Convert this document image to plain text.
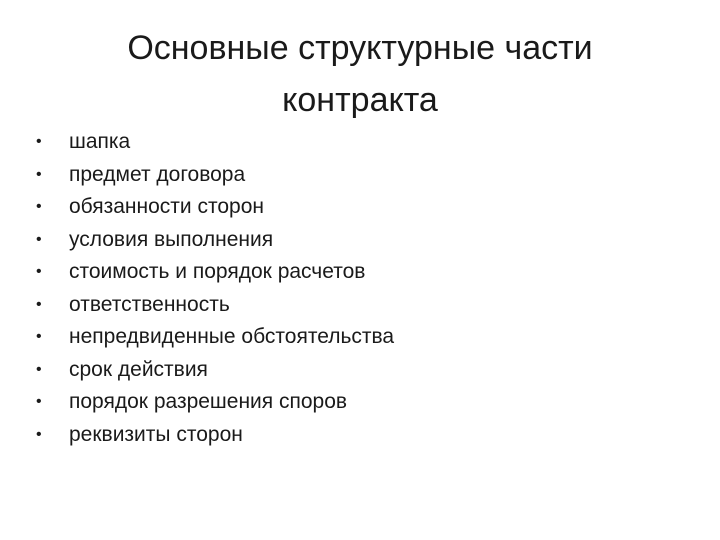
Основные структурные части
контракта
•	шапка
•	предмет договора
•	обязанности сторон
•	условия выполнения
•	стоимость и порядок расчетов
•	ответственность
•	непредвиденные обстоятельства
•	срок действия
•	порядок разрешения споров
•	реквизиты сторон
